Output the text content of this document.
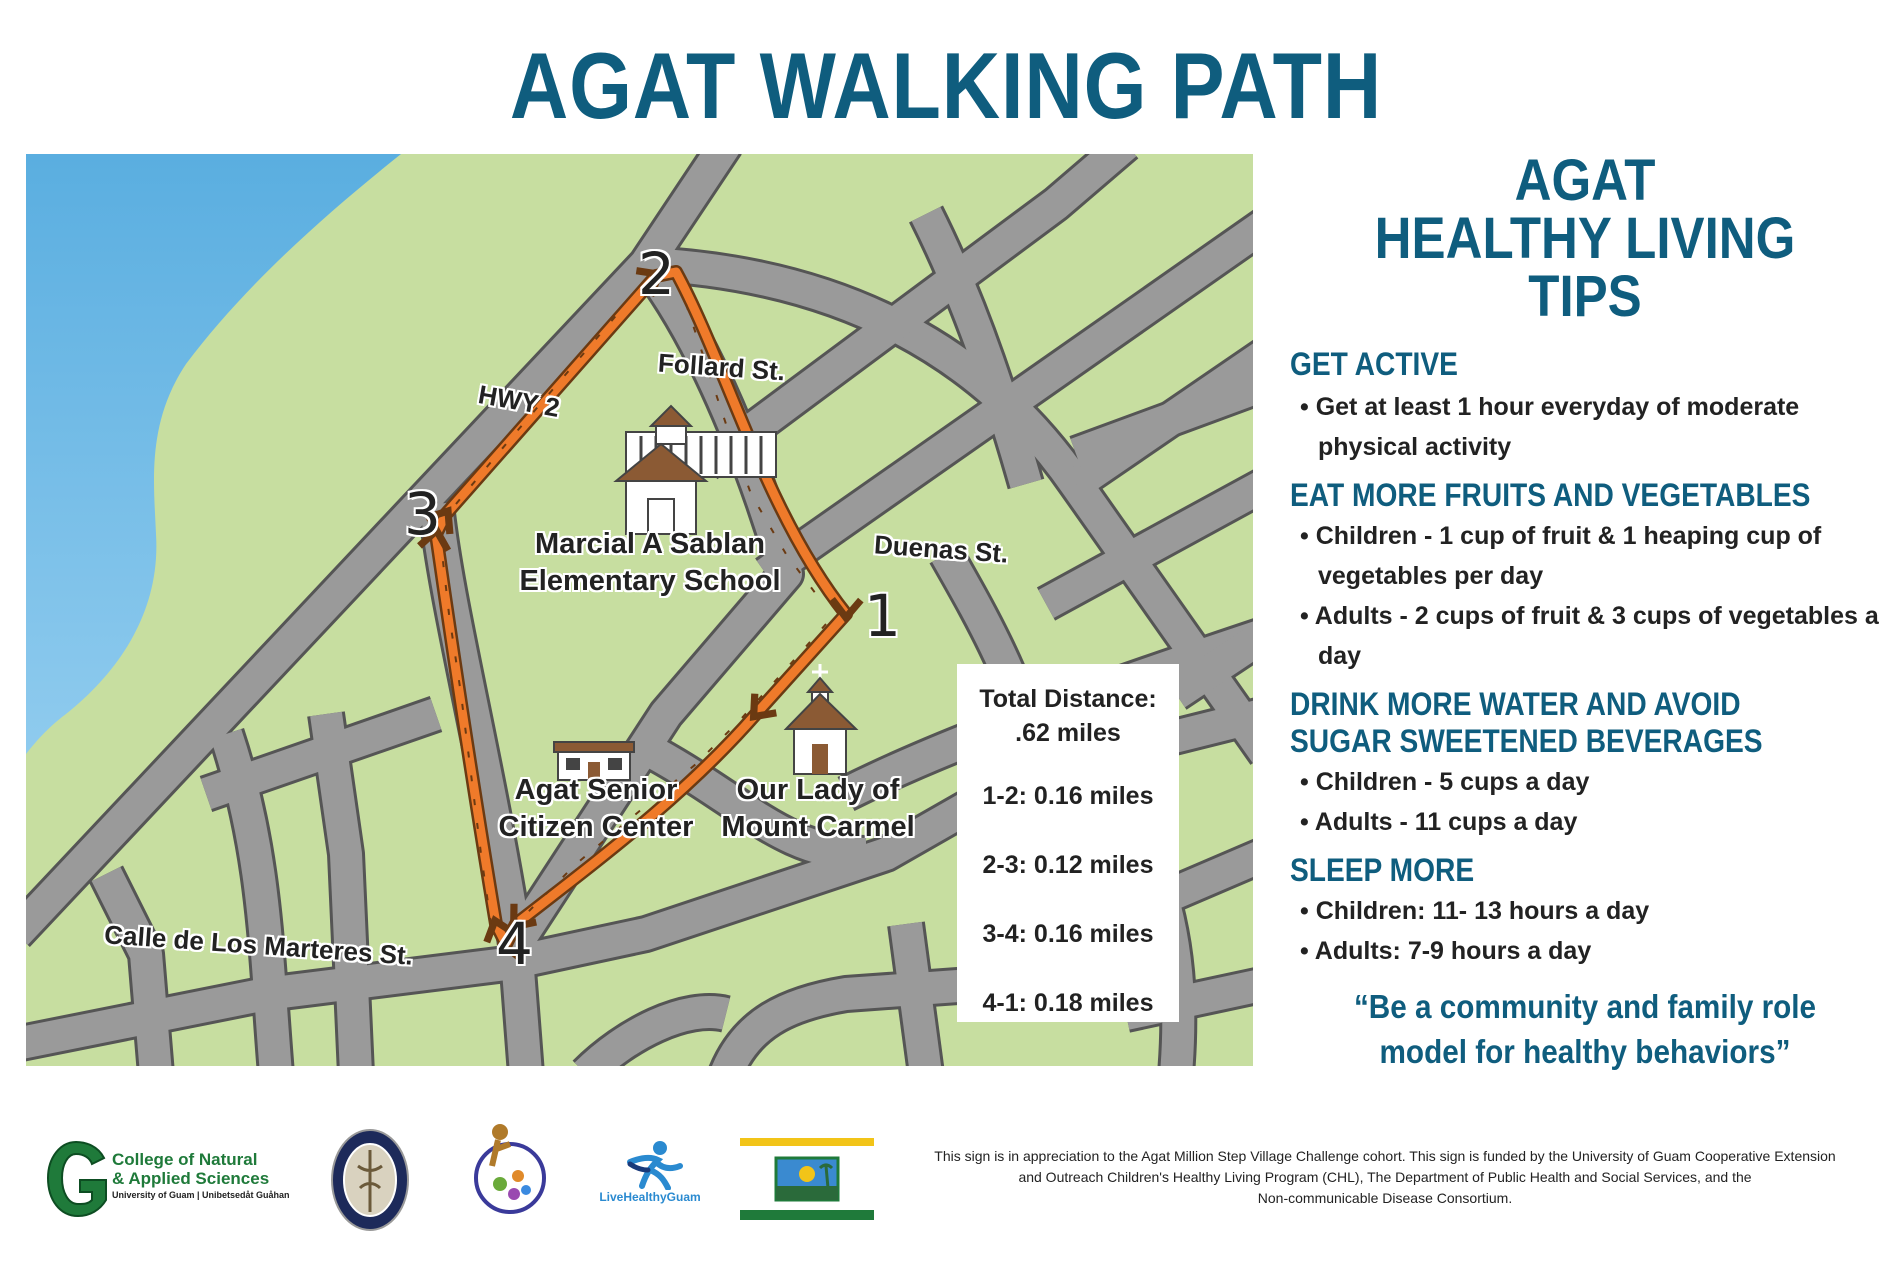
AGAT WALKING PATH
HWY 2
Follard St.
Duenas St.
Calle de Los Marteres St.
Marcial A Sablan
Elementary School
Agat Senior
Citizen Center
Our Lady of
Mount Carmel
1
2
3
4
Total Distance:
.62 miles
1-2: 0.16 miles
2-3: 0.12 miles
3-4: 0.16 miles
4-1: 0.18 miles
AGAT
HEALTHY LIVING TIPS
GET ACTIVE
• Get at least 1 hour everyday of moderate physical activity
EAT MORE FRUITS AND VEGETABLES
• Children - 1 cup of fruit & 1 heaping cup of vegetables per day
• Adults - 2 cups of fruit & 3 cups of vegetables a day
DRINK MORE WATER AND AVOID
SUGAR SWEETENED BEVERAGES
• Children - 5 cups a day
• Adults - 11 cups a day
SLEEP MORE
• Children: 11- 13 hours a day
• Adults: 7-9 hours a day
“Be a community and family role
model for healthy behaviors”
College of Natural
& Applied Sciences
University of Guam | Unibetsedåt Guåhan	LiveHealthyGuam
This sign is in appreciation to the Agat Million Step Village Challenge cohort. This sign is funded by the University of Guam Cooperative Extension
and Outreach Children's Healthy Living Program (CHL), The Department of Public Health and Social Services, and the
Non-communicable Disease Consortium.
